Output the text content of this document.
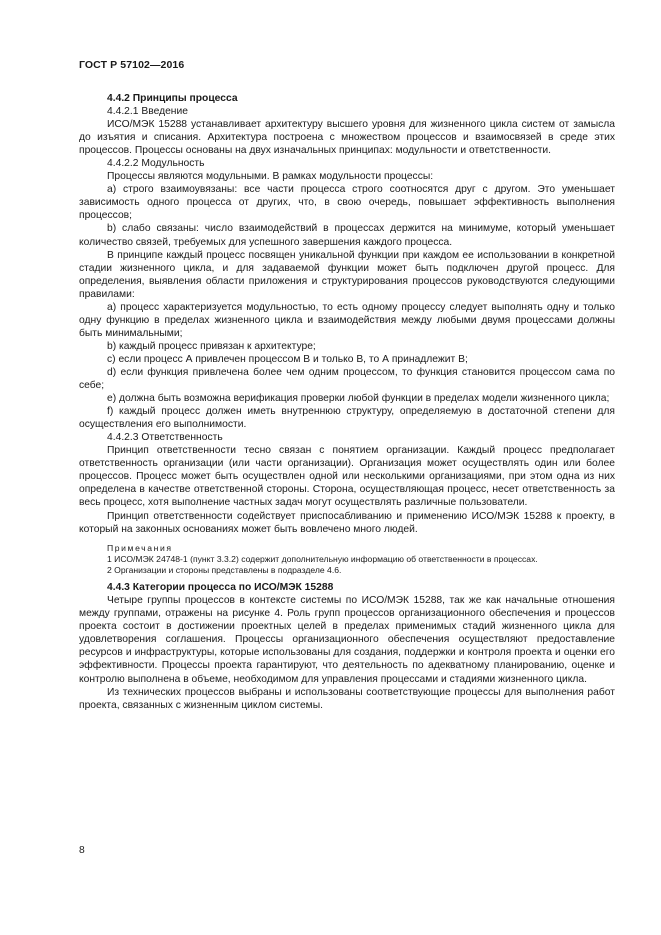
ГОСТ Р 57102—2016
4.4.2 Принципы процесса

4.4.2.1 Введение

ИСО/МЭК 15288 устанавливает архитектуру высшего уровня для жизненного цикла систем от замысла до изъятия и списания. Архитектура построена с множеством процессов и взаимосвязей в среде этих процессов. Процессы основаны на двух изначальных принципах: модульности и ответственности.

4.4.2.2 Модульность

Процессы являются модульными. В рамках модульности процессы:

a) строго взаимоувязаны: все части процесса строго соотносятся друг с другом. Это уменьшает зависимость одного процесса от других, что, в свою очередь, повышает эффективность выполнения процессов;

b) слабо связаны: число взаимодействий в процессах держится на минимуме, который уменьшает количество связей, требуемых для успешного завершения каждого процесса.

В принципе каждый процесс посвящен уникальной функции при каждом ее использовании в конкретной стадии жизненного цикла, и для задаваемой функции может быть подключен другой процесс. Для определения, выявления области приложения и структурирования процессов руководствуются следующими правилами:

a) процесс характеризуется модульностью, то есть одному процессу следует выполнять одну и только одну функцию в пределах жизненного цикла и взаимодействия между любыми двумя процессами должны быть минимальными;

b) каждый процесс привязан к архитектуре;

c) если процесс А привлечен процессом В и только В, то А принадлежит В;

d) если функция привлечена более чем одним процессом, то функция становится процессом сама по себе;

e) должна быть возможна верификация проверки любой функции в пределах модели жизненного цикла;

f) каждый процесс должен иметь внутреннюю структуру, определяемую в достаточной степени для осуществления его выполнимости.

4.4.2.3 Ответственность

Принцип ответственности тесно связан с понятием организации. Каждый процесс предполагает ответственность организации (или части организации). Организация может осуществлять один или более процессов. Процесс может быть осуществлен одной или несколькими организациями, при этом одна из них определена в качестве ответственной стороны. Сторона, осуществляющая процесс, несет ответственность за весь процесс, хотя выполнение частных задач могут осуществлять различные пользователи.

Принцип ответственности содействует приспосабливанию и применению ИСО/МЭК 15288 к проекту, в который на законных основаниях может быть вовлечено много людей.

Примечания
1 ИСО/МЭК 24748-1 (пункт 3.3.2) содержит дополнительную информацию об ответственности в процессах.
2 Организации и стороны представлены в подразделе 4.6.
4.4.3 Категории процесса по ИСО/МЭК 15288

Четыре группы процессов в контексте системы по ИСО/МЭК 15288, так же как начальные отношения между группами, отражены на рисунке 4. Роль групп процессов организационного обеспечения и процессов проекта состоит в достижении проектных целей в пределах применимых стадий жизненного цикла для удовлетворения соглашения. Процессы организационного обеспечения осуществляют предоставление ресурсов и инфраструктуры, которые использованы для создания, поддержки и контроля проекта и оценки его эффективности. Процессы проекта гарантируют, что деятельность по адекватному планированию, оценке и контролю выполнена в объеме, необходимом для управления процессами и стадиями жизненного цикла.

Из технических процессов выбраны и использованы соответствующие процессы для выполнения работ проекта, связанных с жизненным циклом системы.

8
